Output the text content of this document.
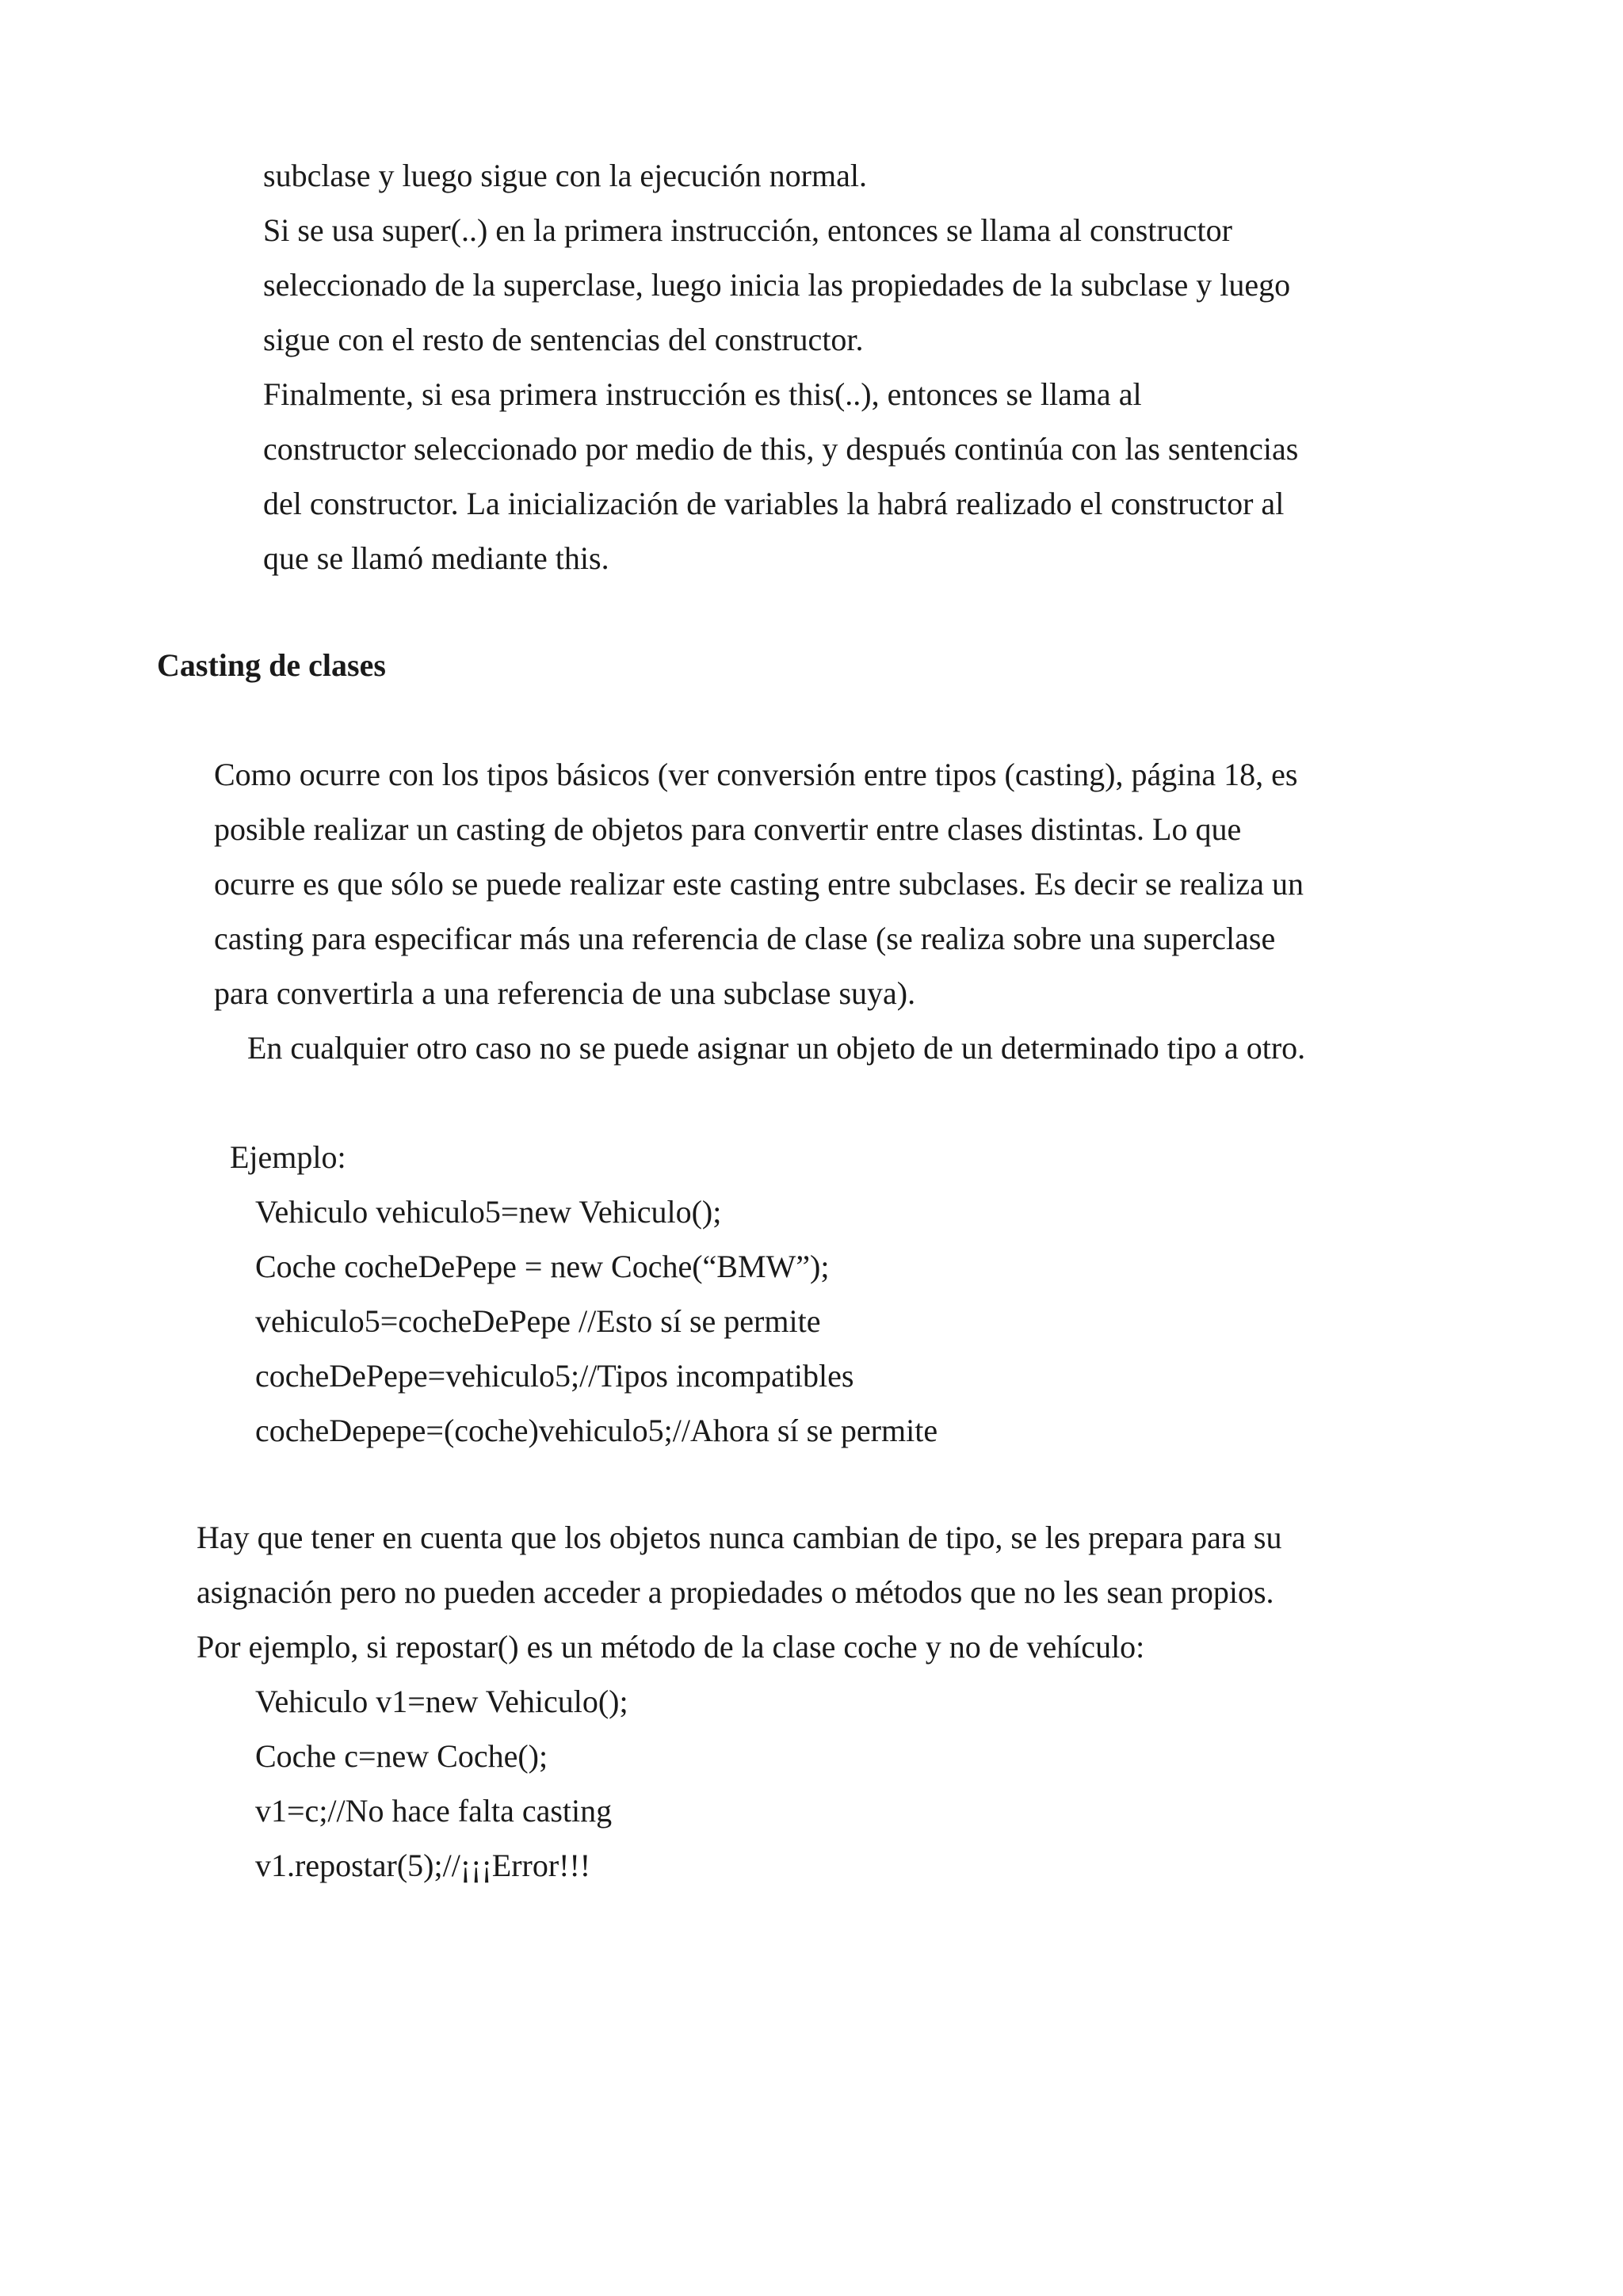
subclase y luego sigue con la ejecución normal.
Si se usa super(..) en la primera instrucción, entonces se llama al constructor
seleccionado de la superclase, luego inicia las propiedades de la subclase y luego
sigue con el resto de sentencias del constructor.
Finalmente, si esa primera instrucción es this(..), entonces se llama al
constructor seleccionado por medio de this, y después continúa con las sentencias
del constructor. La inicialización de variables la habrá realizado el constructor al
que se llamó mediante this.
Casting de clases
Como ocurre con los tipos básicos (ver conversión entre tipos (casting), página 18, es
posible realizar un casting de objetos para convertir entre clases distintas. Lo que
ocurre es que sólo se puede realizar este casting entre subclases. Es decir se realiza un
casting para especificar más una referencia de clase (se realiza sobre una superclase
para convertirla a una referencia de una subclase suya).
En cualquier otro caso no se puede asignar un objeto de un determinado tipo a otro.
Ejemplo:
Vehiculo vehiculo5=new Vehiculo();
Coche cocheDePepe = new Coche(“BMW”);
vehiculo5=cocheDePepe //Esto sí se permite
cocheDePepe=vehiculo5;//Tipos incompatibles
cocheDepepe=(coche)vehiculo5;//Ahora sí se permite
Hay que tener en cuenta que los objetos nunca cambian de tipo, se les prepara para su
asignación pero no pueden acceder a propiedades o métodos que no les sean propios.
Por ejemplo, si repostar() es un método de la clase coche y no de vehículo:
Vehiculo v1=new Vehiculo();
Coche c=new Coche();
v1=c;//No hace falta casting
v1.repostar(5);//¡¡¡Error!!!
